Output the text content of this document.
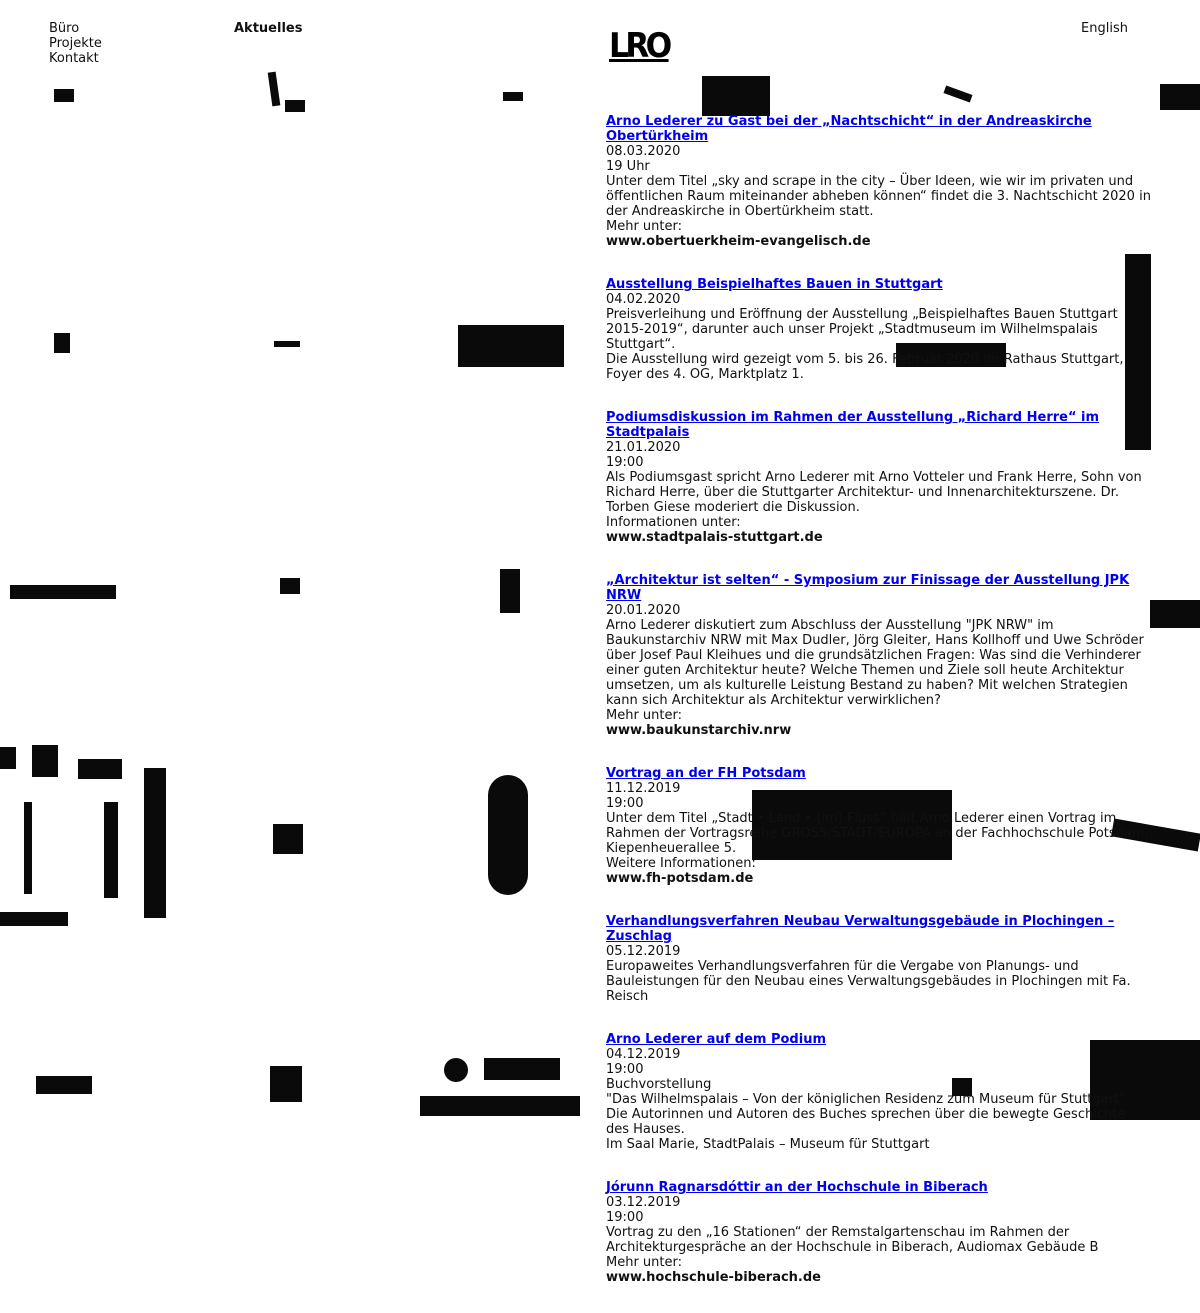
Büro
Projekte
Kontakt
Aktuelles	LRO	English
Arno Lederer zu Gast bei der „Nachtschicht“ in der Andreaskirche Obertürkheim
08.03.2020
19 Uhr
Unter dem Titel „sky and scrape in the city – Über Ideen, wie wir im privaten und öffentlichen Raum miteinander abheben können“ findet die 3. Nachtschicht 2020 in der Andreaskirche in Obertürkheim statt.
Mehr unter:
www.obertuerkheim-evangelisch.de
Ausstellung Beispielhaftes Bauen in Stuttgart
04.02.2020
Preisverleihung und Eröffnung der Ausstellung „Beispielhaftes Bauen Stuttgart 2015-2019“, darunter auch unser Projekt „Stadtmuseum im Wilhelmspalais Stuttgart“.
Die Ausstellung wird gezeigt vom 5. bis 26. Februar 2020 im Rathaus Stuttgart, Foyer des 4. OG, Marktplatz 1.
Podiumsdiskussion im Rahmen der Ausstellung „Richard Herre“ im Stadtpalais
21.01.2020
19:00
Als Podiumsgast spricht Arno Lederer mit Arno Votteler und Frank Herre, Sohn von Richard Herre, über die Stuttgarter Architektur- und Innenarchitekturszene. Dr. Torben Giese moderiert die Diskussion.
Informationen unter:
www.stadtpalais-stuttgart.de
„Architektur ist selten“ - Symposium zur Finissage der Ausstellung JPK NRW
20.01.2020
Arno Lederer diskutiert zum Abschluss der Ausstellung "JPK NRW" im Baukunstarchiv NRW mit Max Dudler, Jörg Gleiter, Hans Kollhoff und Uwe Schröder über Josef Paul Kleihues und die grundsätzlichen Fragen: Was sind die Verhinderer einer guten Architektur heute? Welche Themen und Ziele soll heute Architektur umsetzen, um als kulturelle Leistung Bestand zu haben? Mit welchen Strategien kann sich Architektur als Architektur verwirklichen?
Mehr unter:
www.baukunstarchiv.nrw
Vortrag an der FH Potsdam
11.12.2019
19:00
Unter dem Titel „Stadt • Land • (im) Fluss“ hält Arno Lederer einen Vortrag im Rahmen der Vortragsreihe GROSS/STADT/EUROPA an der Fachhochschule Potsdam, Kiepenheuerallee 5.
Weitere Informationen:
www.fh-potsdam.de
Verhandlungsverfahren Neubau Verwaltungsgebäude in Plochingen – Zuschlag
05.12.2019
Europaweites Verhandlungsverfahren für die Vergabe von Planungs- und Bauleistungen für den Neubau eines Verwaltungsgebäudes in Plochingen mit Fa. Reisch
Arno Lederer auf dem Podium
04.12.2019
19:00
Buchvorstellung
"Das Wilhelmspalais – Von der königlichen Residenz zum Museum für Stuttgart"
Die Autorinnen und Autoren des Buches sprechen über die bewegte Geschichte des Hauses.
Im Saal Marie, StadtPalais – Museum für Stuttgart
Jórunn Ragnarsdóttir an der Hochschule in Biberach
03.12.2019
19:00
Vortrag zu den „16 Stationen“ der Remstalgartenschau im Rahmen der Architekturgespräche an der Hochschule in Biberach, Audiomax Gebäude B
Mehr unter:
www.hochschule-biberach.de
